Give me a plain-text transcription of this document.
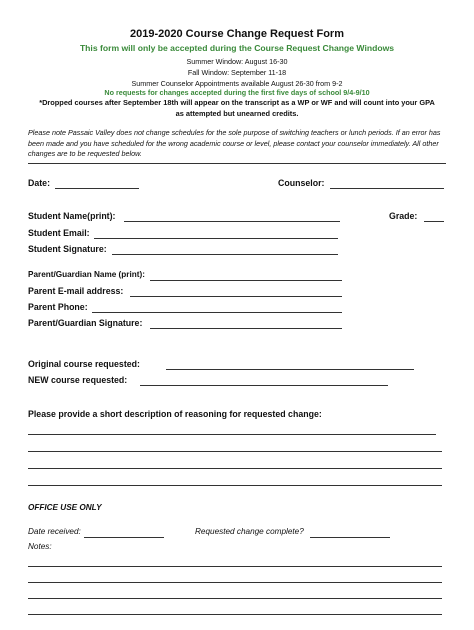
2019-2020 Course Change Request Form
This form will only be accepted during the Course Request Change Windows
Summer Window: August 16-30
Fall Window: September 11-18
Summer Counselor Appointments available August 26-30 from 9-2
No requests for changes accepted during the first five days of school 9/4-9/10
*Dropped courses after September 18th will appear on the transcript as a WP or WF and will count into your GPA
as attempted but unearned credits.
Please note Passaic Valley does not change schedules for the sole purpose of switching teachers or lunch periods. If an error has been made and you have scheduled for the wrong academic course or level, please contact your counselor immediately. All other changes are to be requested below.
Date:	Counselor:
Student Name(print):	Grade:
Student Email:
Student Signature:
Parent/Guardian Name (print):
Parent E-mail address:
Parent Phone:
Parent/Guardian Signature:
Original course requested:
NEW course requested:
Please provide a short description of reasoning for requested change:
OFFICE USE ONLY
Date received:	Requested change complete?
Notes:
